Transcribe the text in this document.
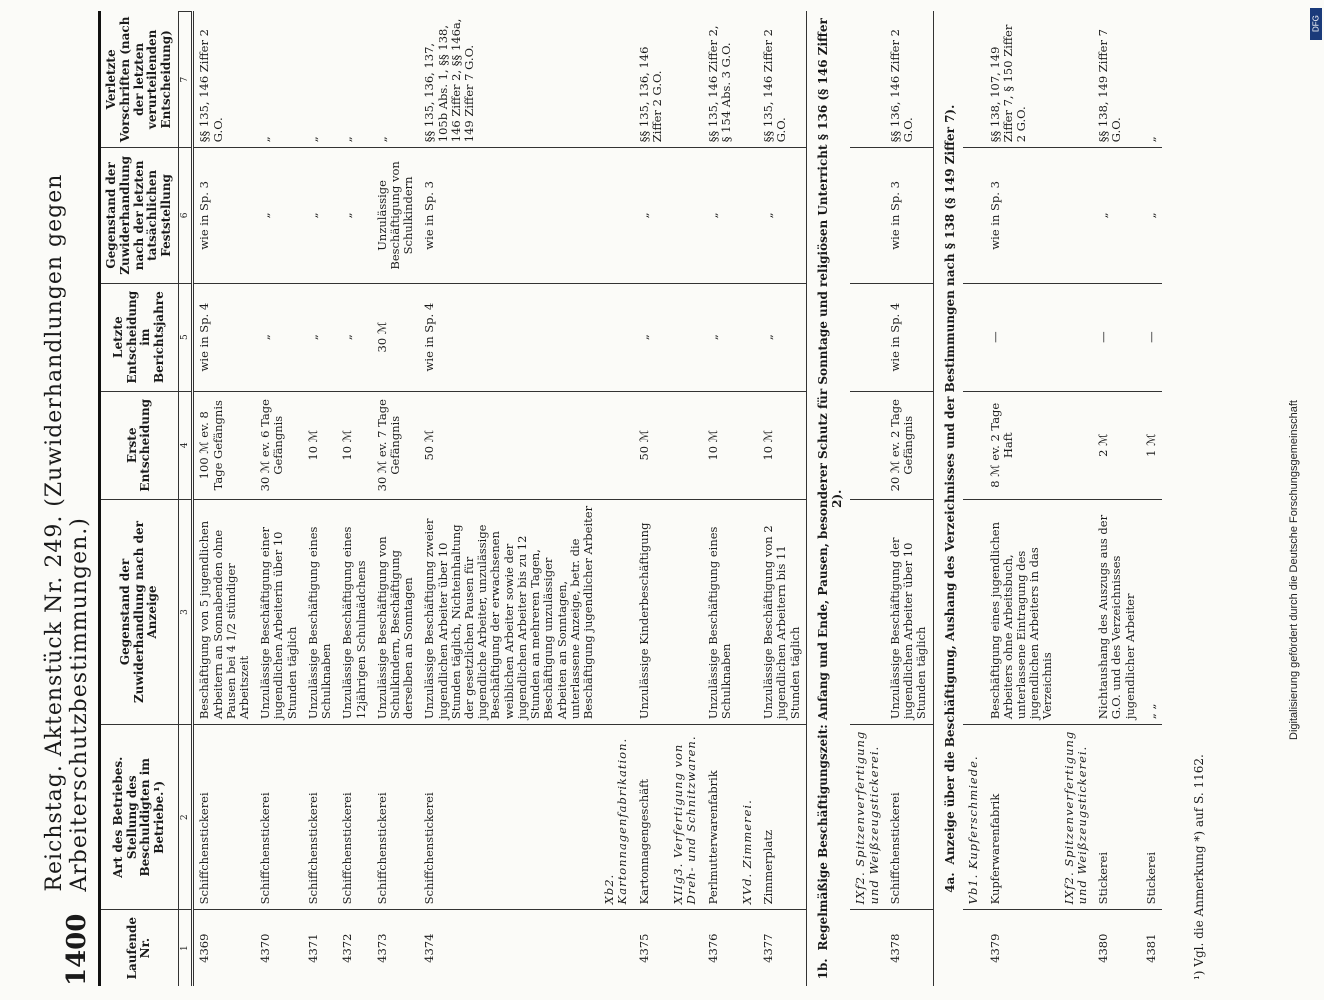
1400
Reichstag. Aktenstück Nr. 249. (Zuwiderhandlungen gegen Arbeiterschutzbestimmungen.)
Laufende Nr.	Art des Betriebes. Stellung des Beschuldigten im Betriebe.¹)	Gegenstand der Zuwiderhandlung nach der Anzeige	Erste Entscheidung	Letzte Entscheidung im Berichtsjahre	Gegenstand der Zuwiderhandlung nach der letzten tatsächlichen Feststellung	Verletzte Vorschriften (nach der letzten verurteilenden Entscheidung)
1	2	3	4	5	6	7
4369	Schiffchenstickerei	Beschäftigung von 5 jugendlichen Arbeitern an Sonnabenden ohne Pausen bei 4 1/2 stündiger Arbeitszeit	100 ℳ ev. 8 Tage Gefängnis	wie in Sp. 4	wie in Sp. 3	§§ 135, 146 Ziffer 2 G.O.
4370	Schiffchenstickerei	Unzulässige Beschäftigung einer jugendlichen Arbeiterin über 10 Stunden täglich	30 ℳ ev. 6 Tage Gefängnis	„	„	„
4371	Schiffchenstickerei	Unzulässige Beschäftigung eines Schulknaben	10 ℳ	„	„	„
4372	Schiffchenstickerei	Unzulässige Beschäftigung eines 12jährigen Schulmädchens	10 ℳ	„	„	„
4373	Schiffchenstickerei	Unzulässige Beschäftigung von Schulkindern, Beschäftigung derselben an Sonntagen	30 ℳ ev. 7 Tage Gefängnis	30 ℳ	Unzulässige Beschäftigung von Schulkindern	„
4374	Schiffchenstickerei	Unzulässige Beschäftigung zweier jugendlichen Arbeiter über 10 Stunden täglich, Nichteinhaltung der gesetzlichen Pausen für jugendliche Arbeiter, unzulässige Beschäftigung der erwachsenen weiblichen Arbeiter sowie der jugendlichen Arbeiter bis zu 12 Stunden an mehreren Tagen, Beschäftigung unzulässiger Arbeiten an Sonntagen, unterlassene Anzeige, betr. die Beschäftigung jugendlicher Arbeiter	50 ℳ	wie in Sp. 4	wie in Sp. 3	§§ 135, 136, 137, 105b Abs. 1, §§ 138, 146 Ziffer 2, §§ 146a, 149 Ziffer 7 G.O.
	Xb2. Kartonnagenfabrikation.					
4375	Kartonnagengeschäft	Unzulässige Kinderbeschäftigung	50 ℳ	„	„	§§ 135, 136, 146 Ziffer 2 G.O.
	XIIg3. Verfertigung von Dreh- und Schnitzwaren.					
4376	Perlmutterwarenfabrik	Unzulässige Beschäftigung eines Schulknaben	10 ℳ	„	„	§§ 135, 146 Ziffer 2, § 154 Abs. 3 G.O.
	XVd. Zimmerei.					
4377	Zimmerplatz	Unzulässige Beschäftigung von 2 jugendlichen Arbeitern bis 11 Stunden täglich	10 ℳ	„	„	§§ 135, 146 Ziffer 2 G.O.
1b.Regelmäßige Beschäftigungszeit: Anfang und Ende, Pausen, besonderer Schutz für Sonntage und religiösen Unterricht § 136 (§ 146 Ziffer 2).						
	IXf2. Spitzenverfertigung und Weißzeugstickerei.					
4378	Schiffchenstickerei	Unzulässige Beschäftigung der jugendlichen Arbeiter über 10 Stunden täglich	20 ℳ ev. 2 Tage Gefängnis	wie in Sp. 4	wie in Sp. 3	§§ 136, 146 Ziffer 2 G.O.
4a.Anzeige über die Beschäftigung, Aushang des Verzeichnisses und der Bestimmungen nach § 138 (§ 149 Ziffer 7).						
	Vb1. Kupferschmiede.					
4379	Kupferwarenfabrik	Beschäftigung eines jugendlichen Arbeiters ohne Arbeitsbuch, unterlassene Eintragung des jugendlichen Arbeiters in das Verzeichnis	8 ℳ ev. 2 Tage Haft	—	wie in Sp. 3	§§ 138, 107, 149 Ziffer 7, § 150 Ziffer 2 G.O.
	IXf2. Spitzenverfertigung und Weißzeugstickerei.					
4380	Stickerei	Nichtaushang des Auszugs aus der G.O. und des Verzeichnisses jugendlicher Arbeiter	2 ℳ	—	„	§§ 138, 149 Ziffer 7 G.O.
4381	Stickerei	„ „	1 ℳ	—	„	„
¹) Vgl. die Anmerkung *) auf S. 1162.
DFG
Digitalisierung gefördert durch die Deutsche Forschungsgemeinschaft
